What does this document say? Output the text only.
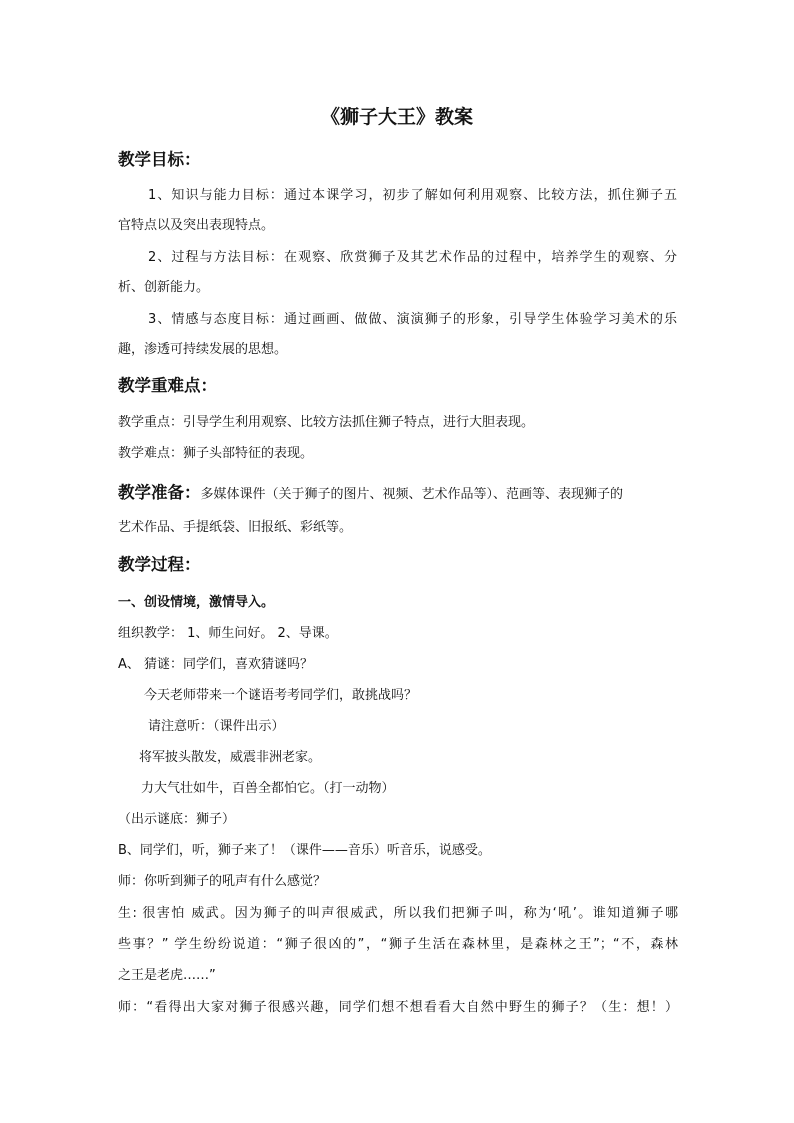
《狮子大王》教案
教学目标：
1、知识与能力目标：通过本课学习，初步了解如何利用观察、比较方法，抓住狮子五
官特点以及突出表现特点。
2、过程与方法目标：在观察、欣赏狮子及其艺术作品的过程中，培养学生的观察、分
析、创新能力。
3、情感与态度目标：通过画画、做做、演演狮子的形象，引导学生体验学习美术的乐
趣，渗透可持续发展的思想。
教学重难点：
教学重点：引导学生利用观察、比较方法抓住狮子特点，进行大胆表现。
教学难点：狮子头部特征的表现。
教学准备：多媒体课件（关于狮子的图片、视频、艺术作品等）、范画等、表现狮子的
艺术作品、手提纸袋、旧报纸、彩纸等。
教学过程：
一、创设情境，激情导入。
组织教学： 1、师生问好。 2、导课。
A、 猜谜：同学们，喜欢猜谜吗？
今天老师带来一个谜语考考同学们，敢挑战吗？
请注意听：（课件出示）
将军披头散发，威震非洲老家。
力大气壮如牛，百兽全都怕它。（打一动物）
（出示谜底：狮子）
B、同学们，听，狮子来了！（课件——音乐）听音乐，说感受。
师：你听到狮子的吼声有什么感觉？
生: 很害怕 威武。因为狮子的叫声很威武，所以我们把狮子叫，称为‘吼’。谁知道狮子哪
些事？” 学生纷纷说道：“狮子很凶的”，“狮子生活在森林里，是森林之王”；“不，森林
之王是老虎……”
师：“看得出大家对狮子很感兴趣，同学们想不想看看大自然中野生的狮子？（生：想！）
